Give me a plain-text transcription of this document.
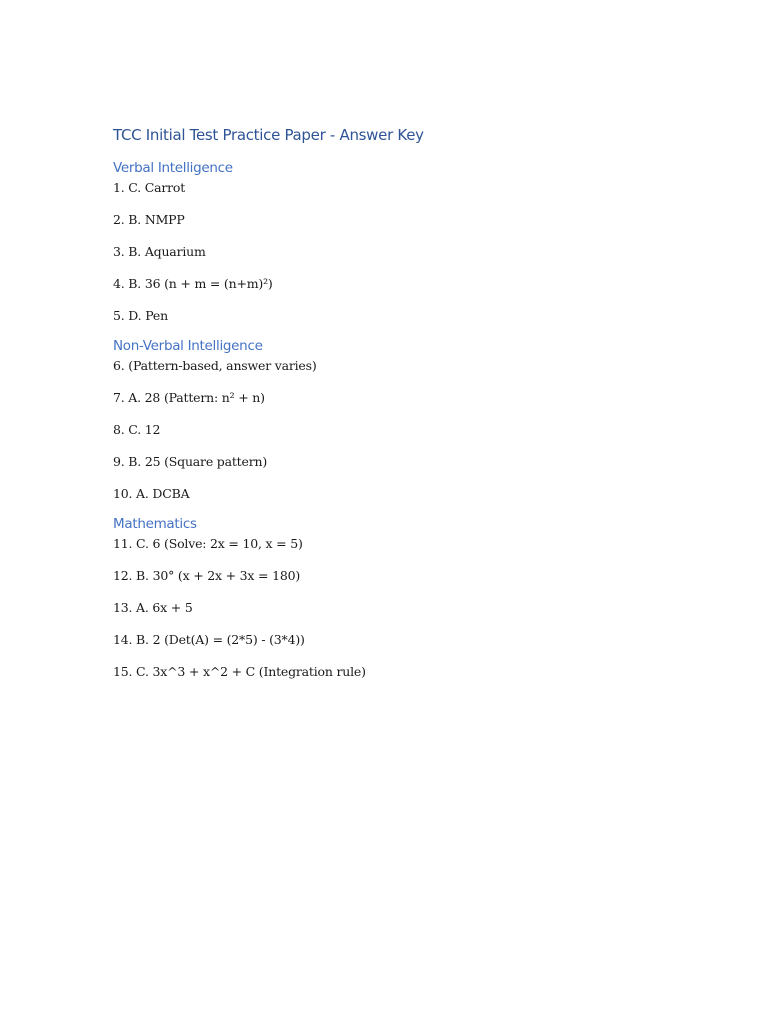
TCC Initial Test Practice Paper - Answer Key
Verbal Intelligence

1. C. Carrot

2. B. NMPP

3. B. Aquarium

4. B. 36 (n + m = (n+m)²)

5. D. Pen

Non-Verbal Intelligence

6. (Pattern-based, answer varies)

7. A. 28 (Pattern: n² + n)

8. C. 12

9. B. 25 (Square pattern)

10. A. DCBA

Mathematics

11. C. 6 (Solve: 2x = 10, x = 5)

12. B. 30° (x + 2x + 3x = 180)

13. A. 6x + 5

14. B. 2 (Det(A) = (2*5) - (3*4))

15. C. 3x^3 + x^2 + C (Integration rule)
